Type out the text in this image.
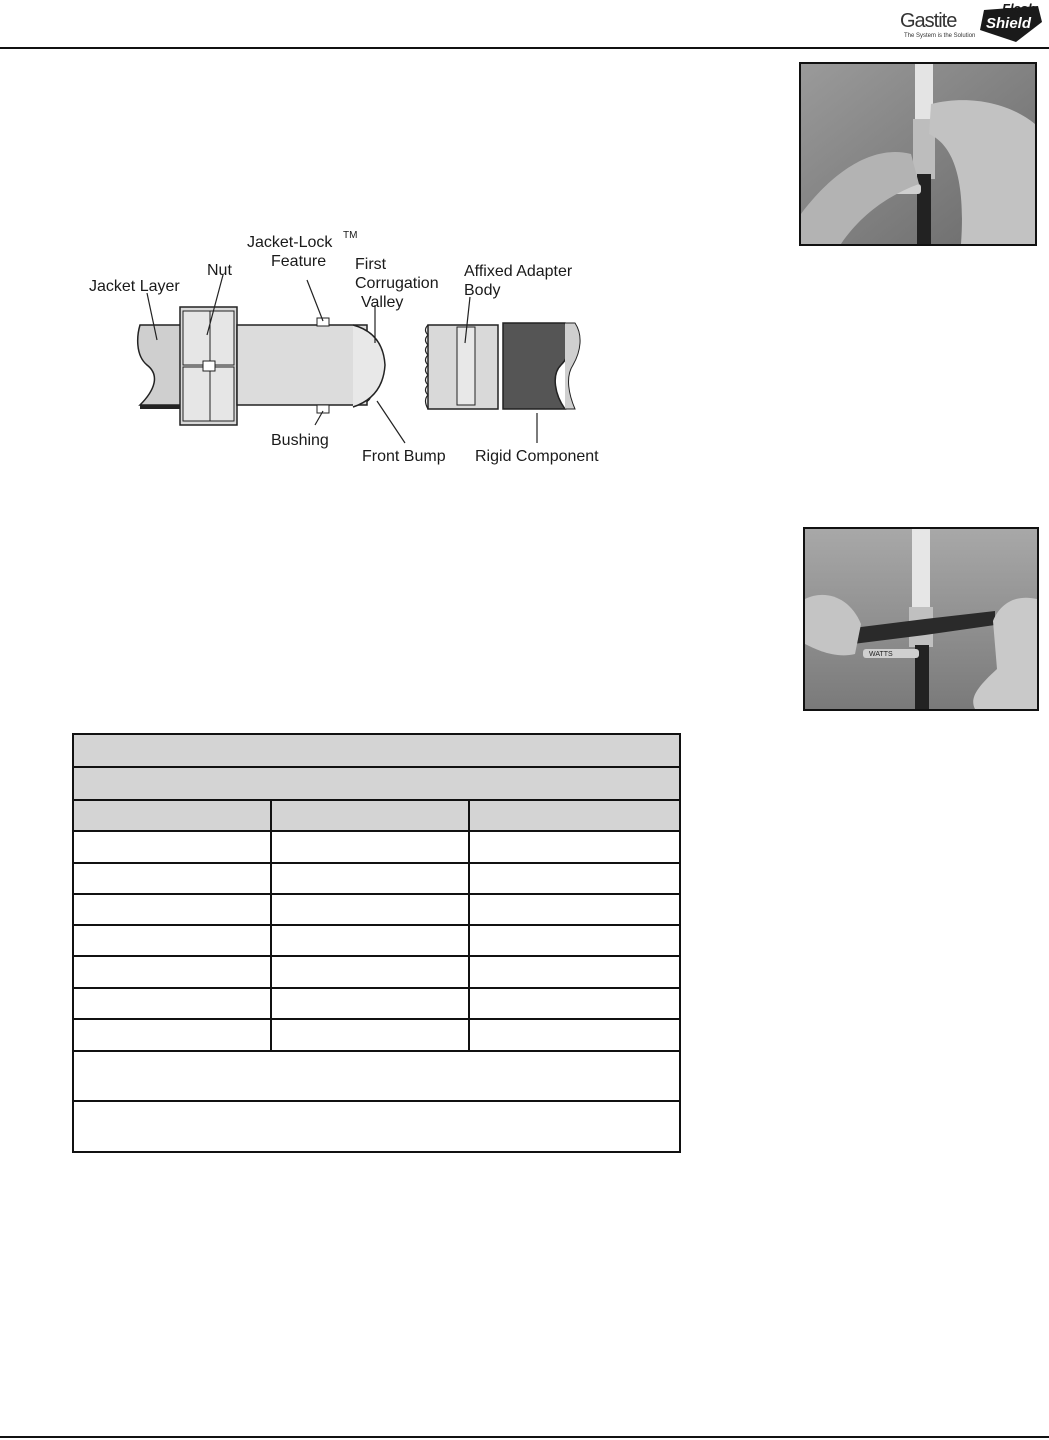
Gastite
The System is the Solution
Flash
Shield
Jacket Layer
Nut
Jacket-Lock TM
Feature First
Corrugation
Valley
Affixed Adapter
Body
Bushing
Front Bump Rigid Component
WATTS
